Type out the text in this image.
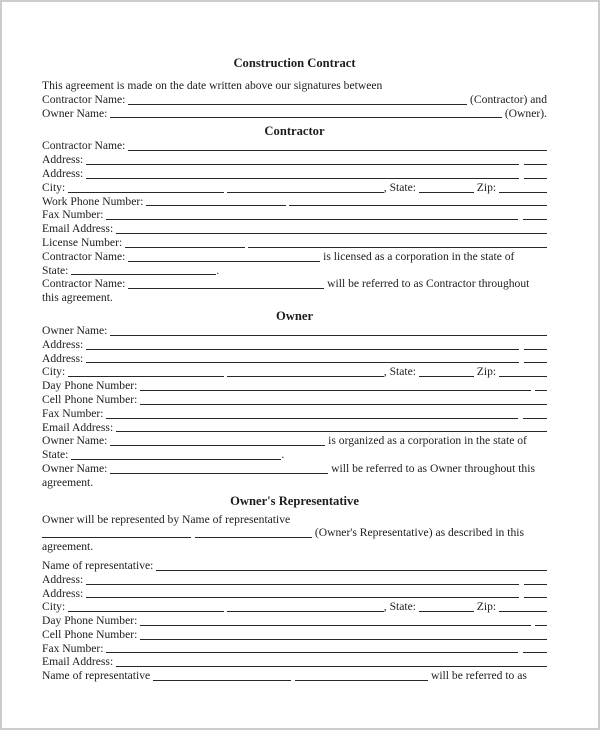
Construction Contract
This agreement is made on the date written above our signatures between
Contractor Name:	(Contractor) and
Owner Name:	(Owner).
Contractor
Contractor Name:
Address:
Address:
City:	, State:	Zip:
Work Phone Number:
Fax Number:
Email Address:
License Number:
Contractor Name:	is licensed as a corporation in the state of
State:	.
Contractor Name:	will be referred to as Contractor throughout
this agreement.
Owner
Owner Name:
Address:
Address:
City:	, State:	Zip:
Day Phone Number:
Cell Phone Number:
Fax Number:
Email Address:
Owner Name:	is organized as a corporation in the state of
State:	.
Owner Name:	will be referred to as Owner throughout this
agreement.
Owner's Representative
Owner will be represented by Name of representative
(Owner's Representative) as described in this
agreement.
Name of representative:
Address:
Address:
City:	, State:	Zip:
Day Phone Number:
Cell Phone Number:
Fax Number:
Email Address:
Name of representative	will be referred to as
